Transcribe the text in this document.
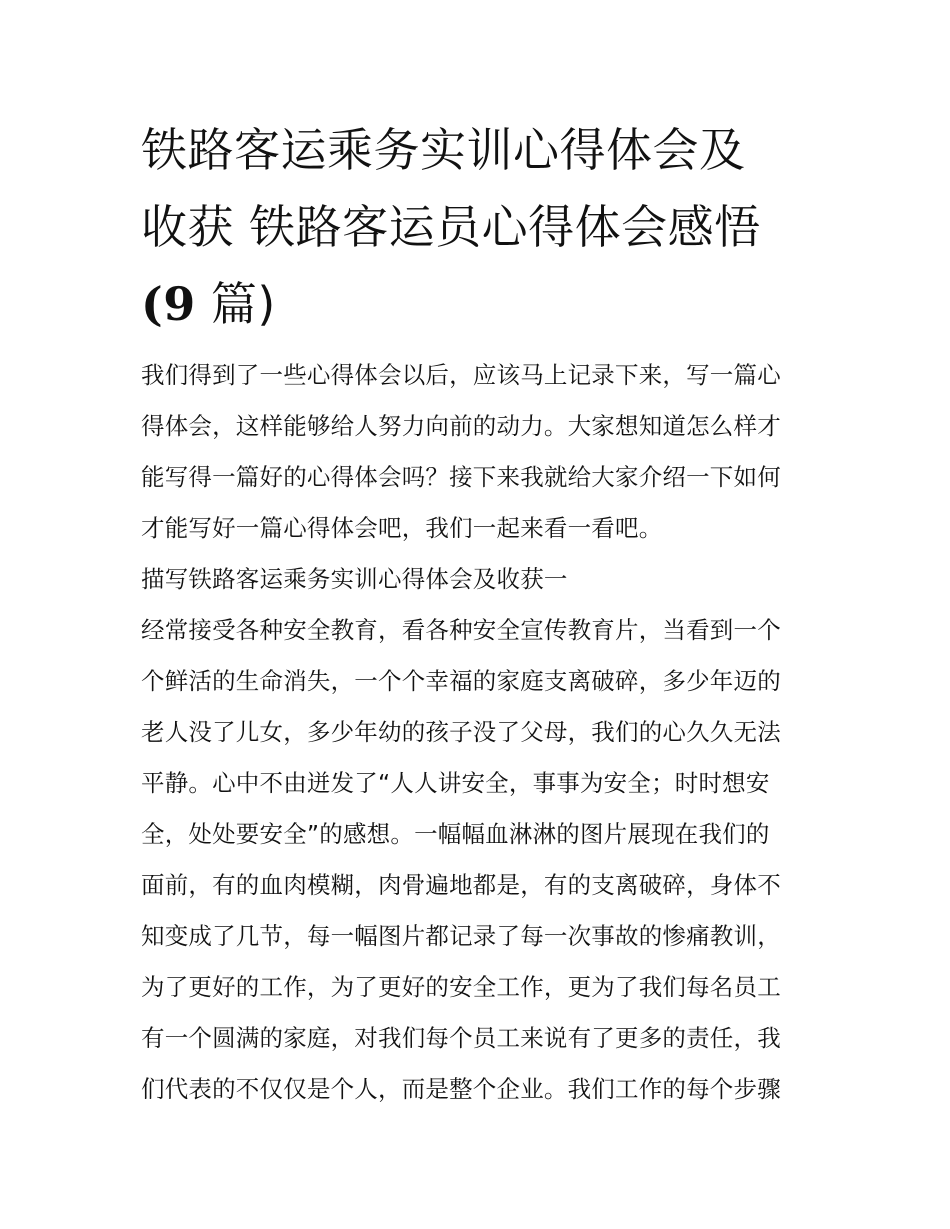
铁路客运乘务实训心得体会及
收获 铁路客运员心得体会感悟
(9 篇)
我们得到了一些心得体会以后，应该马上记录下来，写一篇心
得体会，这样能够给人努力向前的动力。大家想知道怎么样才
能写得一篇好的心得体会吗？接下来我就给大家介绍一下如何
才能写好一篇心得体会吧，我们一起来看一看吧。
描写铁路客运乘务实训心得体会及收获一
经常接受各种安全教育，看各种安全宣传教育片，当看到一个
个鲜活的生命消失，一个个幸福的家庭支离破碎，多少年迈的
老人没了儿女，多少年幼的孩子没了父母，我们的心久久无法
平静。心中不由迸发了“人人讲安全，事事为安全；时时想安
全，处处要安全”的感想。一幅幅血淋淋的图片展现在我们的
面前，有的血肉模糊，肉骨遍地都是，有的支离破碎，身体不
知变成了几节，每一幅图片都记录了每一次事故的惨痛教训，
为了更好的工作，为了更好的安全工作，更为了我们每名员工
有一个圆满的家庭，对我们每个员工来说有了更多的责任，我
们代表的不仅仅是个人，而是整个企业。我们工作的每个步骤
